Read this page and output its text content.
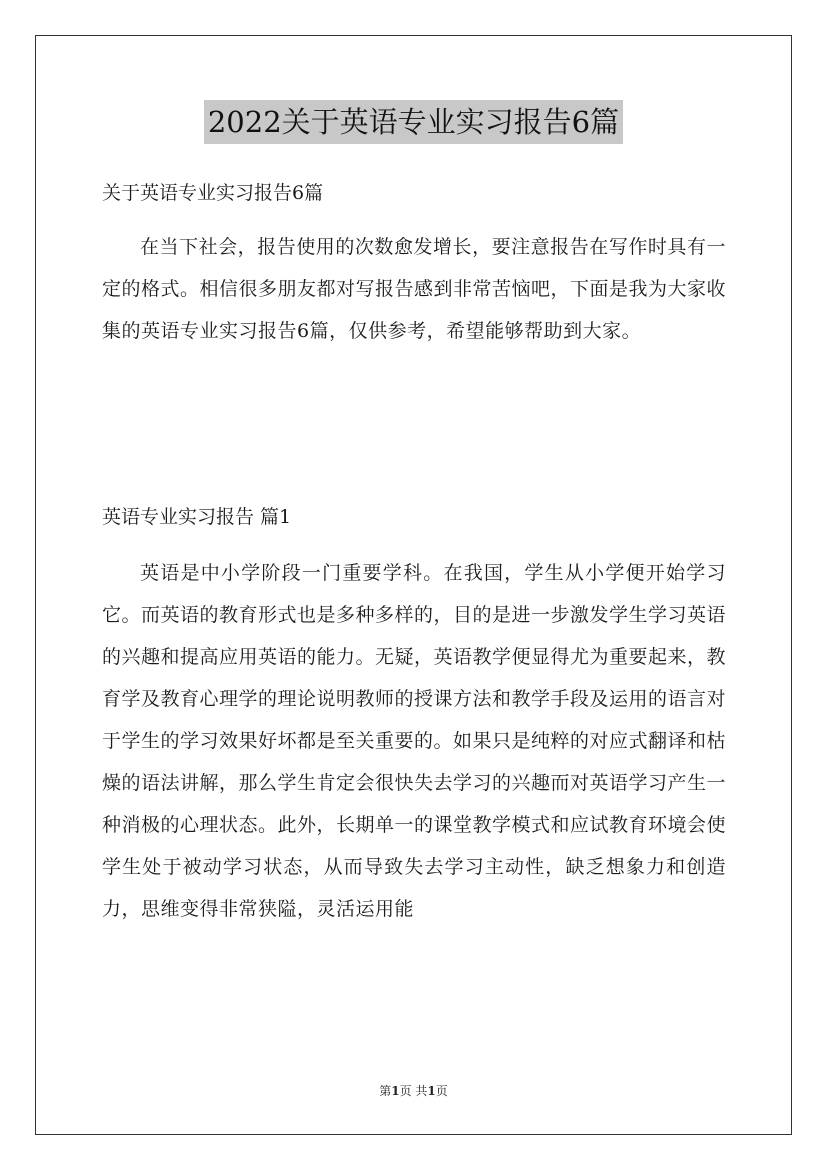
2022关于英语专业实习报告6篇
关于英语专业实习报告6篇

在当下社会，报告使用的次数愈发增长，要注意报告在写作时具有一定的格式。相信很多朋友都对写报告感到非常苦恼吧，下面是我为大家收集的英语专业实习报告6篇，仅供参考，希望能够帮助到大家。

英语专业实习报告 篇1

英语是中小学阶段一门重要学科。在我国，学生从小学便开始学习它。而英语的教育形式也是多种多样的，目的是进一步激发学生学习英语的兴趣和提高应用英语的能力。无疑，英语教学便显得尤为重要起来，教育学及教育心理学的理论说明教师的授课方法和教学手段及运用的语言对于学生的学习效果好坏都是至关重要的。如果只是纯粹的对应式翻译和枯燥的语法讲解，那么学生肯定会很快失去学习的兴趣而对英语学习产生一种消极的心理状态。此外，长期单一的课堂教学模式和应试教育环境会使学生处于被动学习状态，从而导致失去学习主动性，缺乏想象力和创造力，思维变得非常狭隘，灵活运用能

第1页 共1页
